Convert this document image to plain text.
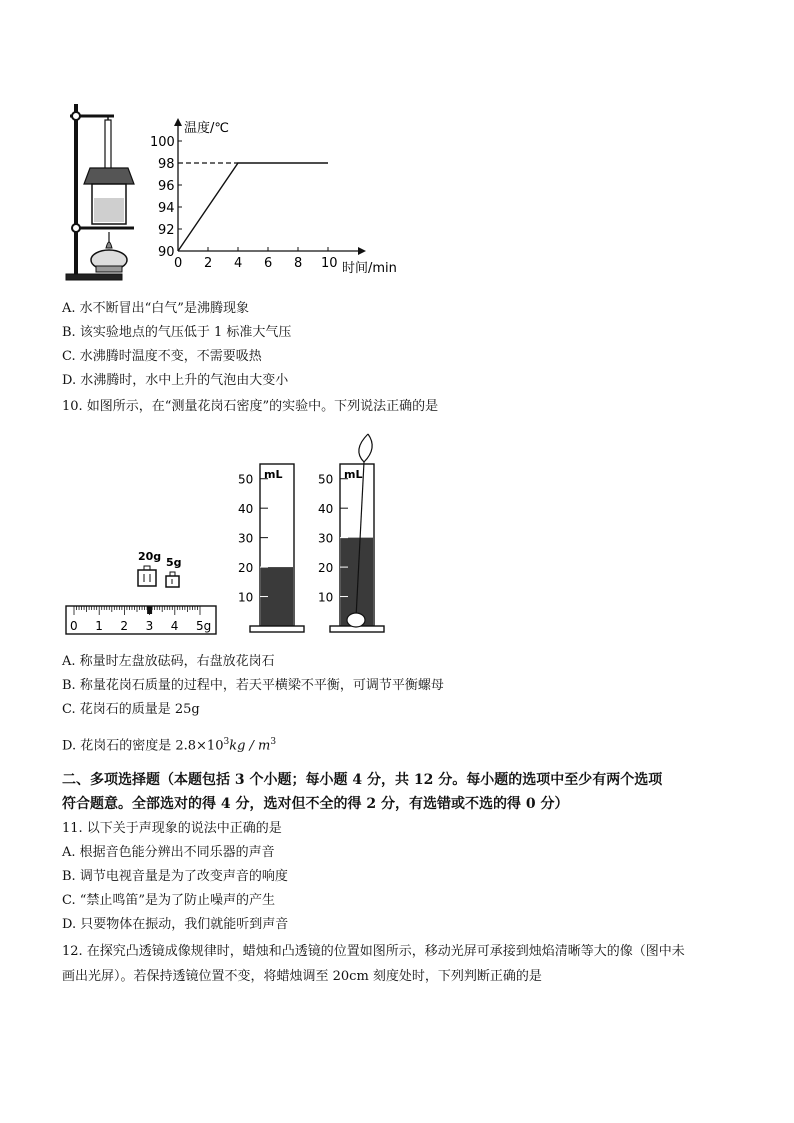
0 2 4 6 8 10
90
92
94
96
98
100
温度/℃
时间/min
A. 水不断冒出“白气”是沸腾现象
B. 该实验地点的气压低于 1 标准大气压
C. 水沸腾时温度不变，不需要吸热
D. 水沸腾时，水中上升的气泡由大变小
10. 如图所示，在“测量花岗石密度”的实验中。下列说法正确的是
20g 5g
0 1 2 3 4 5g
mL
50
40
30
20
10
mL
50
40
30
20
10
A. 称量时左盘放砝码，右盘放花岗石
B. 称量花岗石质量的过程中，若天平横梁不平衡，可调节平衡螺母
C. 花岗石的质量是 25g
D. 花岗石的密度是 $2.8\times 10^3kg / m^3$
二、多项选择题（本题包括 3 个小题；每小题 4 分，共 12 分。每小题的选项中至少有两个选项
符合题意。全部选对的得 4 分，选对但不全的得 2 分，有选错或不选的得 0 分）
11. 以下关于声现象的说法中正确的是
A. 根据音色能分辨出不同乐器的声音
B. 调节电视音量是为了改变声音的响度
C. “禁止鸣笛”是为了防止噪声的产生
D. 只要物体在振动，我们就能听到声音
12. 在探究凸透镜成像规律时，蜡烛和凸透镜的位置如图所示，移动光屏可承接到烛焰清晰等大的像（图中未
画出光屏）。若保持透镜位置不变，将蜡烛调至 20cm 刻度处时，下列判断正确的是
